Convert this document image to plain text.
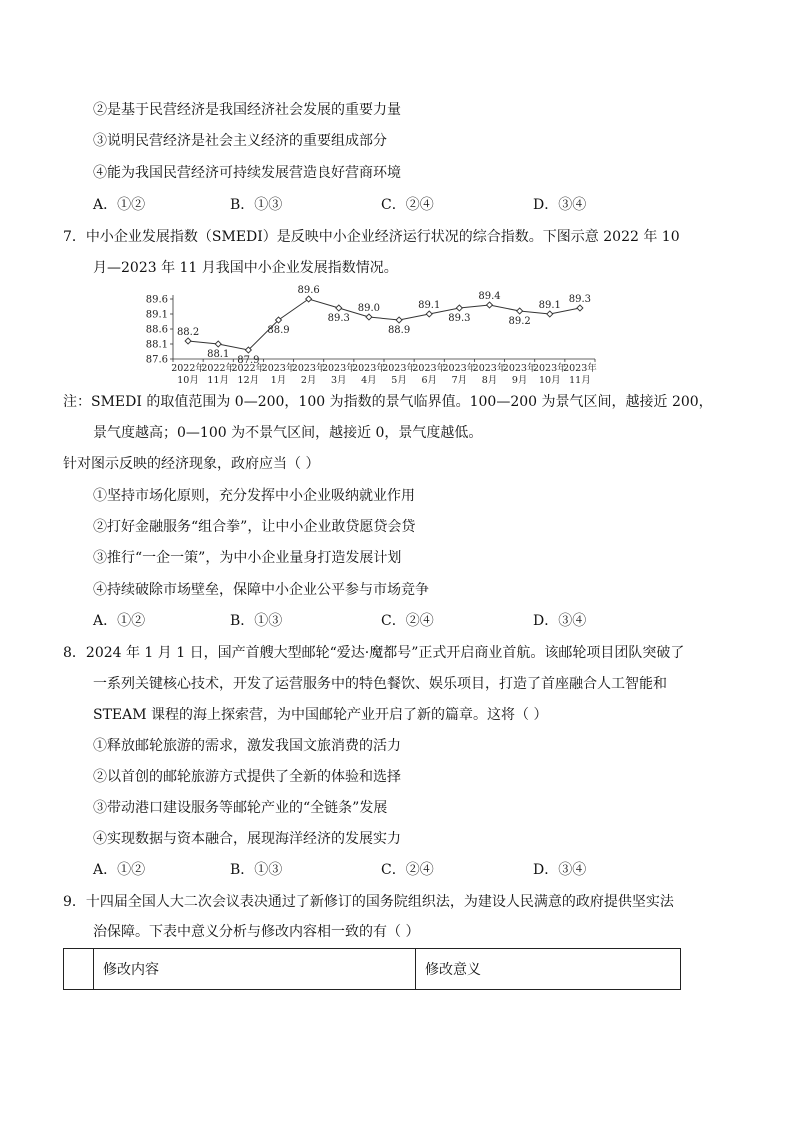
②是基于民营经济是我国经济社会发展的重要力量
③说明民营经济是社会主义经济的重要组成部分
④能为我国民营经济可持续发展营造良好营商环境
A．①②	B．①③	C．②④	D．③④
7．中小企业发展指数（SMEDI）是反映中小企业经济运行状况的综合指数。下图示意 2022 年 10
月—2023 年 11 月我国中小企业发展指数情况。
89.6
89.1
88.6
88.1
87.6
2022年
10月
2022年
11月
2022年
12月
2023年
1月
2023年
2月
2023年
3月
2023年
4月
2023年
5月
2023年
6月
2023年
7月
2023年
8月
2023年
9月
2023年
10月
2023年
11月
88.2
88.1
87.9
88.9
89.6
89.3
89.0
88.9
89.1
89.3
89.4
89.2
89.1
89.3
注：SMEDI 的取值范围为 0—200，100 为指数的景气临界值。100—200 为景气区间，越接近 200，
景气度越高；0—100 为不景气区间，越接近 0，景气度越低。
针对图示反映的经济现象，政府应当（ ）
①坚持市场化原则，充分发挥中小企业吸纳就业作用
②打好金融服务“组合拳”，让中小企业敢贷愿贷会贷
③推行“一企一策”，为中小企业量身打造发展计划
④持续破除市场壁垒，保障中小企业公平参与市场竞争
A．①②	B．①③	C．②④	D．③④
8．2024 年 1 月 1 日，国产首艘大型邮轮“爱达·魔都号”正式开启商业首航。该邮轮项目团队突破了
一系列关键核心技术，开发了运营服务中的特色餐饮、娱乐项目，打造了首座融合人工智能和
STEAM 课程的海上探索营，为中国邮轮产业开启了新的篇章。这将（ ）
①释放邮轮旅游的需求，激发我国文旅消费的活力
②以首创的邮轮旅游方式提供了全新的体验和选择
③带动港口建设服务等邮轮产业的“全链条”发展
④实现数据与资本融合，展现海洋经济的发展实力
A．①②	B．①③	C．②④	D．③④
9．十四届全国人大二次会议表决通过了新修订的国务院组织法，为建设人民满意的政府提供坚实法
治保障。下表中意义分析与修改内容相一致的有（ ）
修改内容	修改意义
